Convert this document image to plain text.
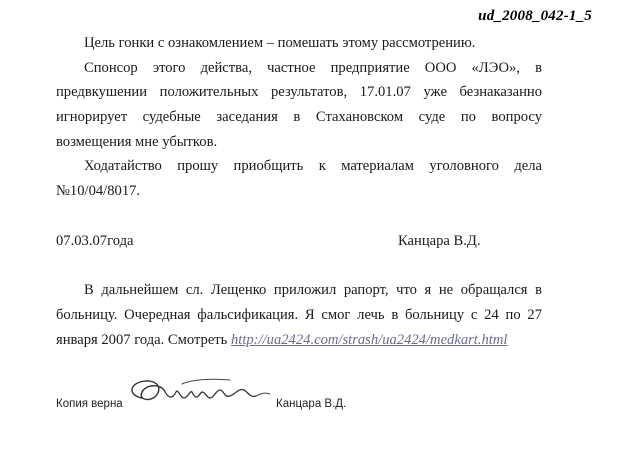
ud_2008_042-1_5
Цель гонки с ознакомлением – помешать этому рассмотрению.
Спонсор этого действа, частное предприятие ООО «ЛЭО», в
предвкушении положительных результатов, 17.01.07 уже безнаказанно
игнорирует судебные заседания в Стахановском суде по вопросу
возмещения мне убытков.
Ходатайство прошу приобщить к материалам уголовного дела
№10/04/8017.
07.03.07года	Канцара В.Д.
В дальнейшем сл. Лещенко приложил рапорт, что я не обращался в
больницу. Очередная фальсификация. Я смог лечь в больницу с 24 по 27
января 2007 года. Смотреть http://ua2424.com/strash/ua2424/medkart.html
Копия верна	Канцара В.Д.
